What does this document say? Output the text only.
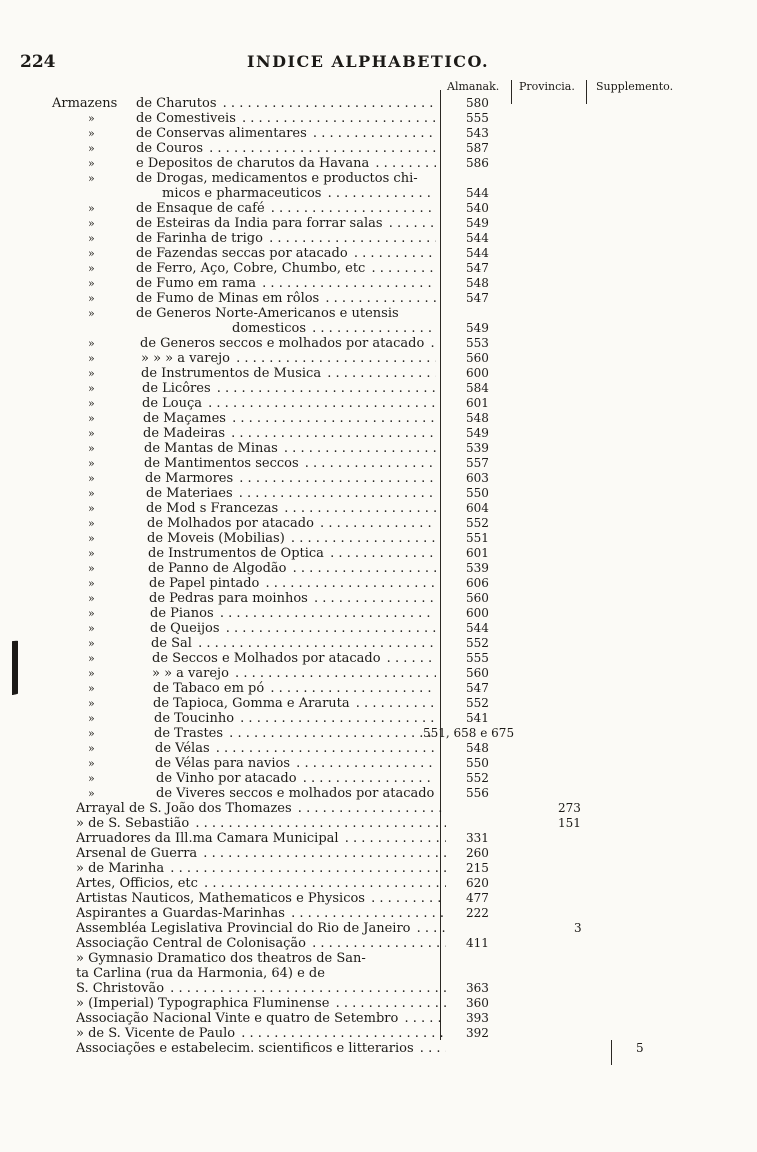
224	INDICE ALPHABETICO.
Almanak. Provincia. Supplemento.
Armazens de Charutos . . .	580
»	de Comestiveis . . .	555
»	de Conservas alimentares . . .	543
»	de Couros . . .	587
»	e Depositos de charutos da Havana . . .	586
»	de Drogas, medicamentos e productos chi-
micos e pharmaceuticos . . .	544
»	de Ensaque de café . . .	540
»	de Esteiras da India para forrar salas . . .	549
»	de Farinha de trigo . . .	544
»	de Fazendas seccas por atacado . . .	544
»	de Ferro, Aço, Cobre, Chumbo, etc . . .	547
»	de Fumo em rama . . .	548
»	de Fumo de Minas em rôlos . . .	547
»	de Generos Norte-Americanos e utensis
domesticos . . .	549
»	de Generos seccos e molhados por atacado . . .	553
»	» » » a varejo . . .	560
»	de Instrumentos de Musica . . .	600
»	de Licôres . . .	584
»	de Louça . . .	601
»	de Maçames . . .	548
»	de Madeiras . . .	549
»	de Mantas de Minas . . .	539
»	de Mantimentos seccos . . .	557
»	de Marmores . . .	603
»	de Materiaes . . .	550
»	de Mod s Francezas . . .	604
»	de Molhados por atacado . . .	552
»	de Moveis (Mobilias) . . .	551
»	de Instrumentos de Optica . . .	601
»	de Panno de Algodão . . .	539
»	de Papel pintado . . .	606
»	de Pedras para moinhos . . .	560
»	de Pianos . . .	600
»	de Queijos . . .	544
»	de Sal . . .	552
»	de Seccos e Molhados por atacado . . .	555
»	» » a varejo . . .	560
»	de Tabaco em pó . . .	547
»	de Tapioca, Gomma e Araruta . . .	552
»	de Toucinho . . .	541
»	de Trastes . . .	551, 658 e 675
»	de Vélas . . .	548
»	de Vélas para navios . . .	550
»	de Vinho por atacado . . .	552
»	de Viveres seccos e molhados por atacado . . .	556
Arrayal de S. João dos Thomazes . . .	273
» de S. Sebastião . . .	151
Arruadores da Ill.ma Camara Municipal . . .	331
Arsenal de Guerra . . .	260
» de Marinha . . .	215
Artes, Officios, etc . . .	620
Artistas Nauticos, Mathematicos e Physicos . . .	477
Aspirantes a Guardas-Marinhas . . .	222
Assembléa Legislativa Provincial do Rio de Janeiro . . .	3
Associação Central de Colonisação . . .	411
» Gymnasio Dramatico dos theatros de San-
ta Carlina (rua da Harmonia, 64) e de
S. Christovão . . .	363
» (Imperial) Typographica Fluminense . . .	360
Associação Nacional Vinte e quatro de Setembro . . .	393
» de S. Vicente de Paulo . . .	392
Associações e estabelecim. scientificos e litterarios . . .	5
